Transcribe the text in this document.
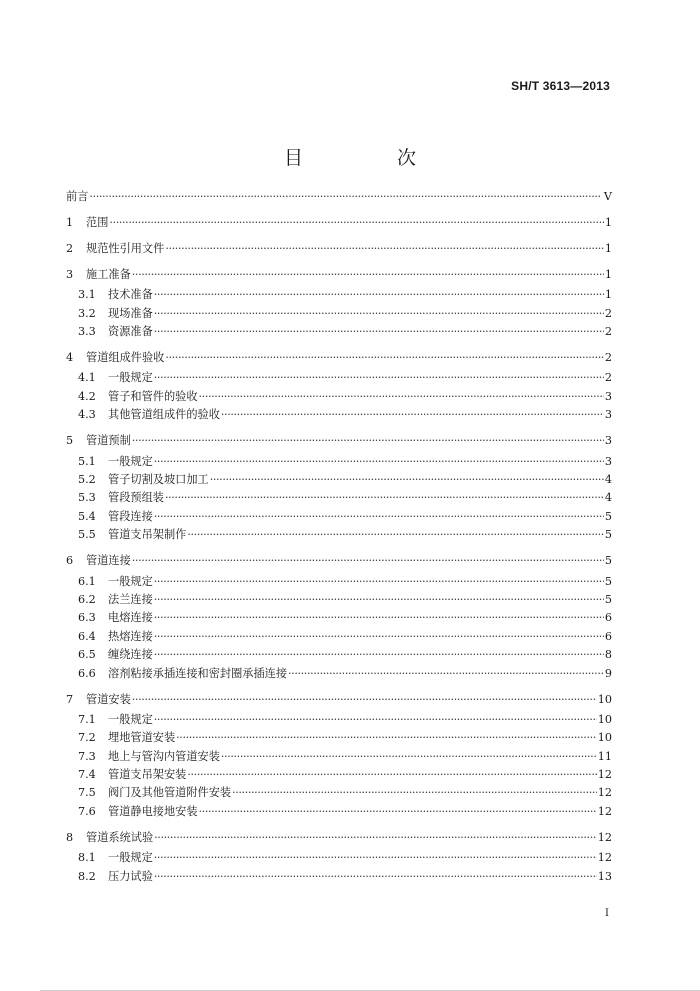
SH/T 3613—2013
目 次
前言 ·····	V
1	范围 ·····	1
2	规范性引用文件 ·····	1
3	施工准备 ·····	1
3.1	技术准备 ·····	1
3.2	现场准备 ·····	2
3.3	资源准备 ·····	2
4	管道组成件验收 ·····	2
4.1	一般规定 ·····	2
4.2	管子和管件的验收 ·····	3
4.3	其他管道组成件的验收 ·····	3
5	管道预制 ·····	3
5.1	一般规定 ·····	3
5.2	管子切割及坡口加工 ·····	4
5.3	管段预组装 ·····	4
5.4	管段连接 ·····	5
5.5	管道支吊架制作 ·····	5
6	管道连接 ·····	5
6.1	一般规定 ·····	5
6.2	法兰连接 ·····	5
6.3	电熔连接 ·····	6
6.4	热熔连接 ·····	6
6.5	缠绕连接 ·····	8
6.6	溶剂粘接承插连接和密封圈承插连接 ·····	9
7	管道安装 ·····	10
7.1	一般规定 ·····	10
7.2	埋地管道安装 ·····	10
7.3	地上与管沟内管道安装 ·····	11
7.4	管道支吊架安装 ·····	12
7.5	阀门及其他管道附件安装 ·····	12
7.6	管道静电接地安装 ·····	12
8	管道系统试验 ·····	12
8.1	一般规定 ·····	12
8.2	压力试验 ·····	13
I
